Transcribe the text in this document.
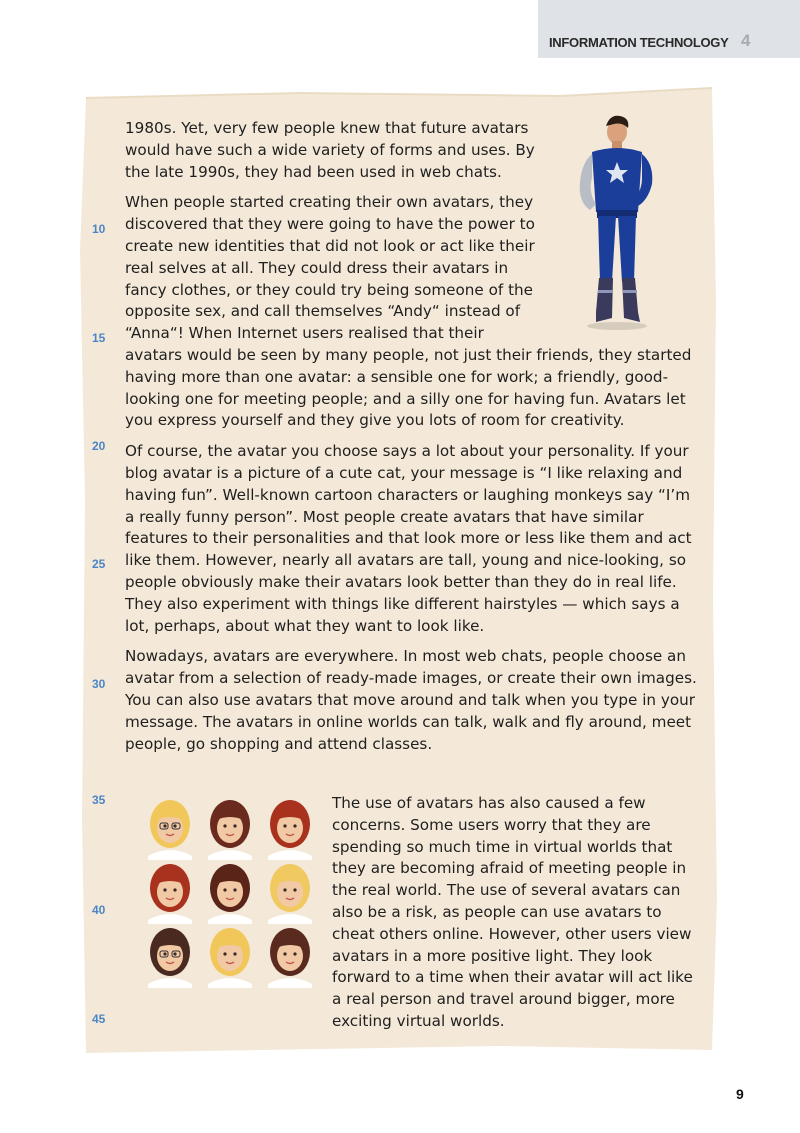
INFORMATION TECHNOLOGY 4

1980s. Yet, very few people knew that future avatars would have such a wide variety of forms and uses. By the late 1990s, they had been used in web chats.

When people started creating their own avatars, they discovered that they were going to have the power to create new identities that did not look or act like their real selves at all. They could dress their avatars in fancy clothes, or they could try being someone of the opposite sex, and call themselves “Andy“ instead of “Anna“! When Internet users realised that their avatars would be seen by many people, not just their friends, they started having more than one avatar: a sensible one for work; a friendly, good-looking one for meeting people; and a silly one for having fun. Avatars let you express yourself and they give you lots of room for creativity.

Of course, the avatar you choose says a lot about your personality. If your blog avatar is a picture of a cute cat, your message is “I like relaxing and having fun”. Well-known cartoon characters or laughing monkeys say “I’m a really funny person”. Most people create avatars that have similar features to their personalities and that look more or less like them and act like them. However, nearly all avatars are tall, young and nice-looking, so people obviously make their avatars look better than they do in real life. They also experiment with things like different hairstyles — which says a lot, perhaps, about what they want to look like.

Nowadays, avatars are everywhere. In most web chats, people choose an avatar from a selection of ready-made images, or create their own images. You can also use avatars that move around and talk when you type in your message. The avatars in online worlds can talk, walk and fly around, meet people, go shopping and attend classes.

The use of avatars has also caused a few concerns. Some users worry that they are spending so much time in virtual worlds that they are becoming afraid of meeting people in the real world. The use of several avatars can also be a risk, as people can use avatars to cheat others online. However, other users view avatars in a more positive light. They look forward to a time when their avatar will act like a real person and travel around bigger, more exciting virtual worlds.

10
15
20
25
30
35
40
45
9
